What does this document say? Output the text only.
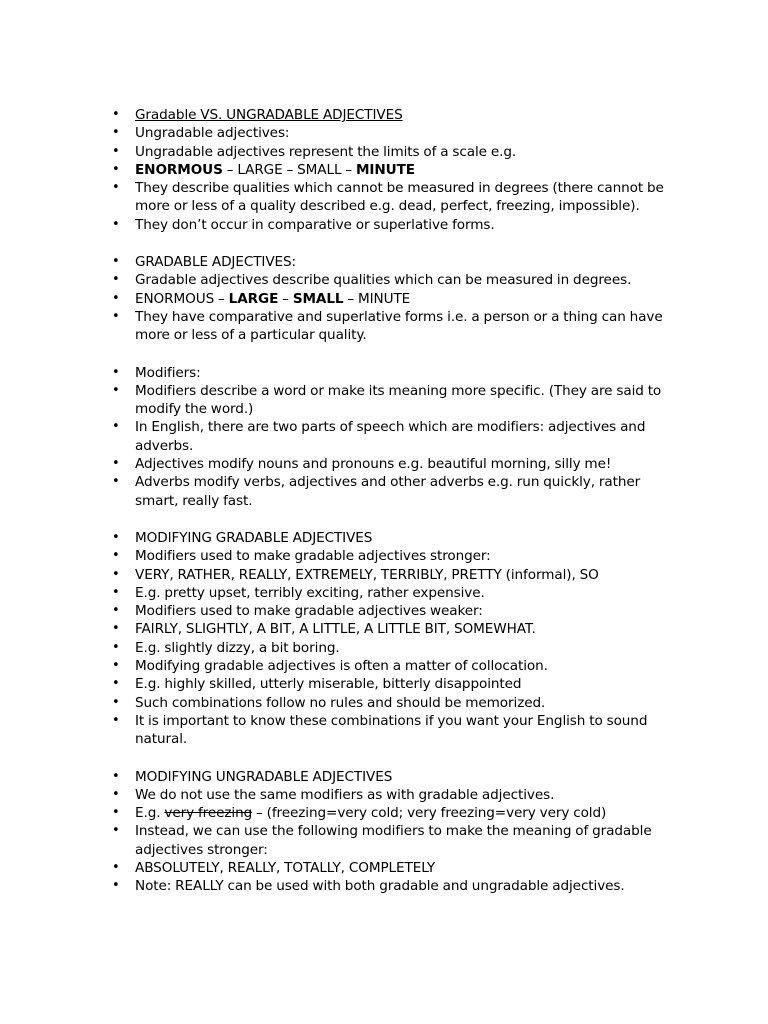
• Gradable VS. UNGRADABLE ADJECTIVES
• Ungradable adjectives:
• Ungradable adjectives represent the limits of a scale e.g.
• ENORMOUS – LARGE – SMALL – MINUTE
• They describe qualities which cannot be measured in degrees (there cannot be more or less of a quality described e.g. dead, perfect, freezing, impossible).
• They don’t occur in comparative or superlative forms.
• GRADABLE ADJECTIVES:
• Gradable adjectives describe qualities which can be measured in degrees.
• ENORMOUS – LARGE – SMALL – MINUTE
• They have comparative and superlative forms i.e. a person or a thing can have more or less of a particular quality.
• Modifiers:
• Modifiers describe a word or make its meaning more specific. (They are said to modify the word.)
• In English, there are two parts of speech which are modifiers: adjectives and adverbs.
• Adjectives modify nouns and pronouns e.g. beautiful morning, silly me!
• Adverbs modify verbs, adjectives and other adverbs e.g. run quickly, rather smart, really fast.
• MODIFYING GRADABLE ADJECTIVES
• Modifiers used to make gradable adjectives stronger:
• VERY, RATHER, REALLY, EXTREMELY, TERRIBLY, PRETTY (informal), SO
• E.g. pretty upset, terribly exciting, rather expensive.
• Modifiers used to make gradable adjectives weaker:
• FAIRLY, SLIGHTLY, A BIT, A LITTLE, A LITTLE BIT, SOMEWHAT.
• E.g. slightly dizzy, a bit boring.
• Modifying gradable adjectives is often a matter of collocation.
• E.g. highly skilled, utterly miserable, bitterly disappointed
• Such combinations follow no rules and should be memorized.
• It is important to know these combinations if you want your English to sound natural.
• MODIFYING UNGRADABLE ADJECTIVES
• We do not use the same modifiers as with gradable adjectives.
• E.g. very freezing – (freezing=very cold; very freezing=very very cold)
• Instead, we can use the following modifiers to make the meaning of gradable adjectives stronger:
• ABSOLUTELY, REALLY, TOTALLY, COMPLETELY
• Note: REALLY can be used with both gradable and ungradable adjectives.
